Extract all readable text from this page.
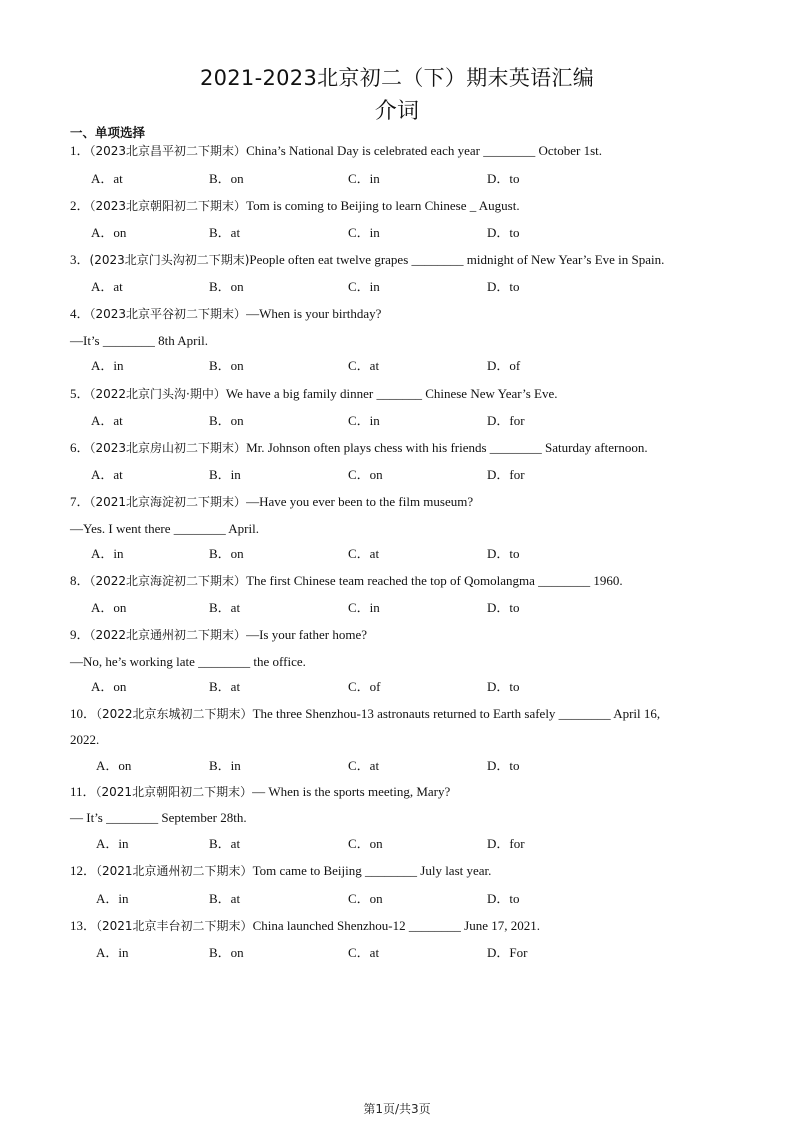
2021-2023北京初二（下）期末英语汇编
介词
一、单项选择
1．（2023北京昌平初二下期末）China’s National Day is celebrated each year ________ October 1st.
A．at	B．on	C．in	D．to
2．（2023北京朝阳初二下期末）Tom is coming to Beijing to learn Chinese _ August.
A．on	B．at	C．in	D．to
3．(2023北京门头沟初二下期末)People often eat twelve grapes ________ midnight of New Year’s Eve in Spain.
A．at	B．on	C．in	D．to
4．（2023北京平谷初二下期末）—When is your birthday?
—It’s ________ 8th April.
A．in	B．on	C．at	D．of
5．（2022北京门头沟·期中）We have a big family dinner _______ Chinese New Year’s Eve.
A．at	B．on	C．in	D．for
6．（2023北京房山初二下期末）Mr. Johnson often plays chess with his friends ________ Saturday afternoon.
A．at	B．in	C．on	D．for
7．（2021北京海淀初二下期末）—Have you ever been to the film museum?
—Yes. I went there ________ April.
A．in	B．on	C．at	D．to
8．（2022北京海淀初二下期末）The first Chinese team reached the top of Qomolangma ________ 1960.
A．on	B．at	C．in	D．to
9．（2022北京通州初二下期末）—Is your father home?
—No, he’s working late ________ the office.
A．on	B．at	C．of	D．to
10．（2022北京东城初二下期末）The three Shenzhou-13 astronauts returned to Earth safely ________ April 16,
2022.
A．on	B．in	C．at	D．to
11．（2021北京朝阳初二下期末）— When is the sports meeting, Mary?
— It’s ________ September 28th.
A．in	B．at	C．on	D．for
12．（2021北京通州初二下期末）Tom came to Beijing ________ July last year.
A．in	B．at	C．on	D．to
13．（2021北京丰台初二下期末）China launched Shenzhou-12 ________ June 17, 2021.
A．in	B．on	C．at	D．For
第1页/共3页
